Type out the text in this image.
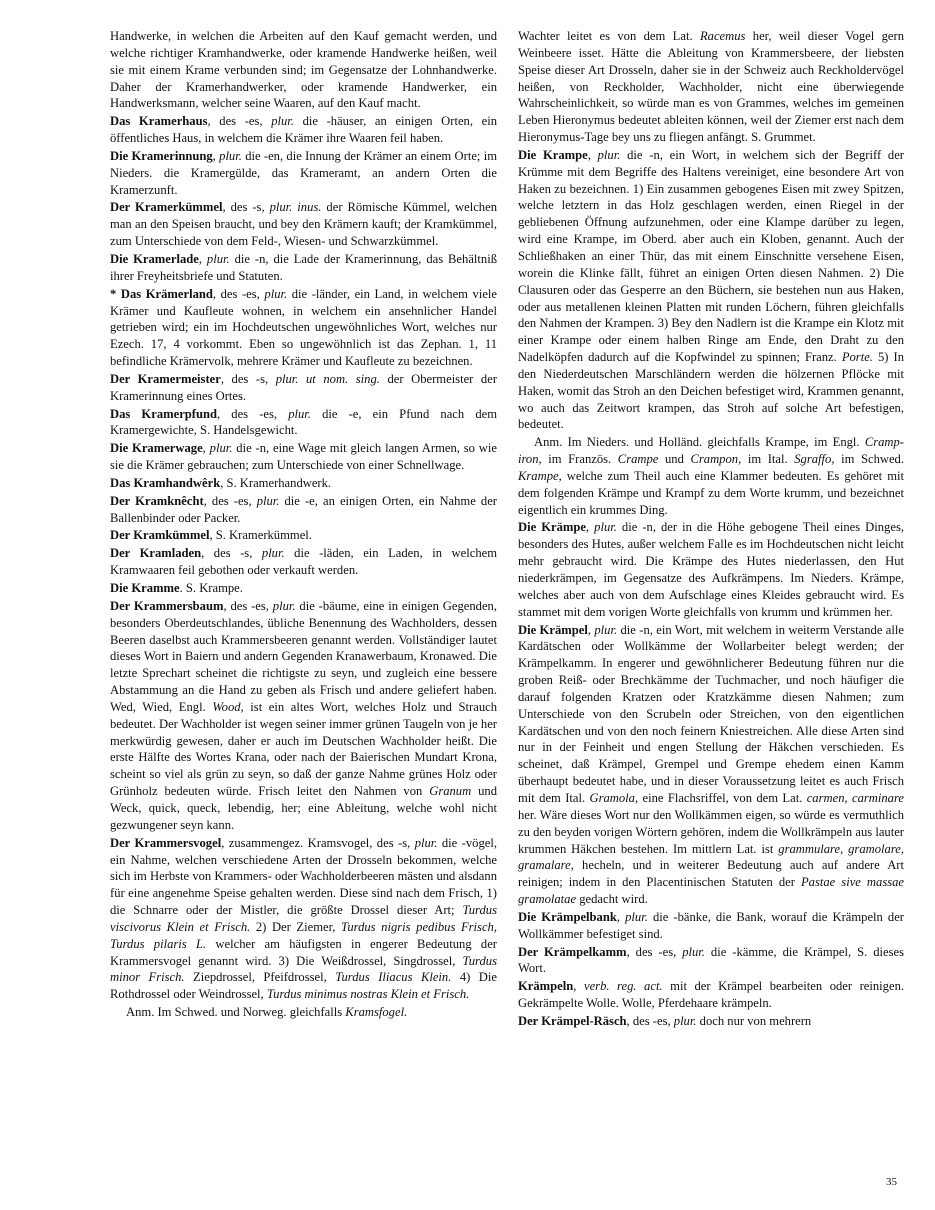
Handwerke, in welchen die Arbeiten auf den Kauf gemacht werden, und welche richtiger Kramhandwerke, oder kramende Handwerke heißen, weil sie mit einem Krame verbunden sind; im Gegensatze der Lohnhandwerke. Daher der Kramerhandwerker, oder kramende Handwerker, ein Handwerksmann, welcher seine Waaren, auf den Kauf macht.

Das Kramerhaus, des -es, plur. die -häuser, an einigen Orten, ein öffentliches Haus, in welchem die Krämer ihre Waaren feil haben.

Die Kramerinnung, plur. die -en, die Innung der Krämer an einem Orte; im Nieders. die Kramergülde, das Krameramt, an andern Orten die Kramerzunft.

Der Kramerkümmel, des -s, plur. inus. der Römische Kümmel, welchen man an den Speisen braucht, und bey den Krämern kauft; der Kramkümmel, zum Unterschiede von dem Feld-, Wiesen- und Schwarzkümmel.

Die Kramerlade, plur. die -n, die Lade der Kramerinnung, das Behältniß ihrer Freyheitsbriefe und Statuten.

* Das Krämerland, des -es, plur. die -länder, ein Land, in welchem viele Krämer und Kaufleute wohnen, in welchem ein ansehnlicher Handel getrieben wird; ein im Hochdeutschen ungewöhnliches Wort, welches nur Ezech. 17, 4 vorkommt. Eben so ungewöhnlich ist das Zephan. 1, 11 befindliche Krämervolk, mehrere Krämer und Kaufleute zu bezeichnen.

Der Kramermeister, des -s, plur. ut nom. sing. der Obermeister der Kramerinnung eines Ortes.

Das Kramerpfund, des -es, plur. die -e, ein Pfund nach dem Kramergewichte, S. Handelsgewicht.

Die Kramerwage, plur. die -n, eine Wage mit gleich langen Armen, so wie sie die Krämer gebrauchen; zum Unterschiede von einer Schnellwage.

Das Kramhandwêrk, S. Kramerhandwerk.

Der Kramknêcht, des -es, plur. die -e, an einigen Orten, ein Nahme der Ballenbinder oder Packer.

Der Kramkümmel, S. Kramerkümmel.

Der Kramladen, des -s, plur. die -läden, ein Laden, in welchem Kramwaaren feil gebothen oder verkauft werden.

Die Kramme. S. Krampe.

Der Krammersbaum, des -es, plur. die -bäume, eine in einigen Gegenden, besonders Oberdeutschlandes, übliche Benennung des Wachholders, dessen Beeren daselbst auch Krammersbeeren genannt werden. Vollständiger lautet dieses Wort in Baiern und andern Gegenden Kranawerbaum, Kronawed. Die letzte Sprechart scheinet die richtigste zu seyn, und zugleich eine bessere Abstammung an die Hand zu geben als Frisch und andere geliefert haben. Wed, Wied, Engl. Wood, ist ein altes Wort, welches Holz und Strauch bedeutet. Der Wachholder ist wegen seiner immer grünen Taugeln von je her merkwürdig gewesen, daher er auch im Deutschen Wachholder heißt. Die erste Hälfte des Wortes Krana, oder nach der Baierischen Mundart Krona, scheint so viel als grün zu seyn, so daß der ganze Nahme grünes Holz oder Grünholz bedeuten würde. Frisch leitet den Nahmen von Granum und Weck, quick, queck, lebendig, her; eine Ableitung, welche wohl nicht gezwungener seyn kann.

Der Krammersvogel, zusammengez. Kramsvogel, des -s, plur. die -vögel, ein Nahme, welchen verschiedene Arten der Drosseln bekommen, welche sich im Herbste von Krammers- oder Wachholderbeeren mästen und alsdann für eine angenehme Speise gehalten werden. Diese sind nach dem Frisch, 1) die Schnarre oder der Mistler, die größte Drossel dieser Art; Turdus viscivorus Klein et Frisch. 2) Der Ziemer, Turdus nigris pedibus Frisch, Turdus pilaris L. welcher am häufigsten in engerer Bedeutung der Krammersvogel genannt wird. 3) Die Weißdrossel, Singdrossel, Turdus minor Frisch. Ziepdrossel, Pfeifdrossel, Turdus Iliacus Klein. 4) Die Rothdrossel oder Weindrossel, Turdus minimus nostras Klein et Frisch.

Anm. Im Schwed. und Norweg. gleichfalls Kramsfogel.

Wachter leitet es von dem Lat. Racemus her, weil dieser Vogel gern Weinbeere isset. Hätte die Ableitung von Krammersbeere, der liebsten Speise dieser Art Drosseln, daher sie in der Schweiz auch Reckholdervögel heißen, von Reckholder, Wachholder, nicht eine überwiegende Wahrscheinlichkeit, so würde man es von Grammes, welches im gemeinen Leben Hieronymus bedeutet ableiten können, weil der Ziemer erst nach dem Hieronymus-Tage bey uns zu fliegen anfängt. S. Grummet.

Die Krampe, plur. die -n, ein Wort, in welchem sich der Begriff der Krümme mit dem Begriffe des Haltens vereiniget, eine besondere Art von Haken zu bezeichnen. 1) Ein zusammen gebogenes Eisen mit zwey Spitzen, welche letztern in das Holz geschlagen werden, einen Riegel in der gebliebenen Öffnung aufzunehmen, oder eine Klampe darüber zu legen, wird eine Krampe, im Oberd. aber auch ein Kloben, genannt. Auch der Schließhaken an einer Thür, das mit einem Einschnitte versehene Eisen, worein die Klinke fällt, führet an einigen Orten diesen Nahmen. 2) Die Clausuren oder das Gesperre an den Büchern, sie bestehen nun aus Haken, oder aus metallenen kleinen Platten mit runden Löchern, führen gleichfalls den Nahmen der Krampen. 3) Bey den Nadlern ist die Krampe ein Klotz mit einer Krampe oder einem halben Ringe am Ende, den Draht zu den Nadelköpfen dadurch auf die Kopfwindel zu spinnen; Franz. Porte. 5) In den Niederdeutschen Marschländern werden die hölzernen Pflöcke mit Haken, womit das Stroh an den Deichen befestiget wird, Krammen genannt, wo auch das Zeitwort krampen, das Stroh auf solche Art befestigen, bedeutet.

Anm. Im Nieders. und Holländ. gleichfalls Krampe, im Engl. Cramp-iron, im Französ. Crampe und Crampon, im Ital. Sgraffo, im Schwed. Krampe, welche zum Theil auch eine Klammer bedeuten. Es gehöret mit dem folgenden Krämpe und Krampf zu dem Worte krumm, und bezeichnet eigentlich ein krummes Ding.

Die Krämpe, plur. die -n, der in die Höhe gebogene Theil eines Dinges, besonders des Hutes, außer welchem Falle es im Hochdeutschen nicht leicht mehr gebraucht wird. Die Krämpe des Hutes niederlassen, den Hut niederkrämpen, im Gegensatze des Aufkrämpens. Im Nieders. Krämpe, welches aber auch von dem Aufschlage eines Kleides gebraucht wird. Es stammet mit dem vorigen Worte gleichfalls von krumm und krümmen her.

Die Krämpel, plur. die -n, ein Wort, mit welchem in weiterm Verstande alle Kardätschen oder Wollkämme der Wollarbeiter belegt werden; der Krämpelkamm. In engerer und gewöhnlicherer Bedeutung führen nur die groben Reiß- oder Brechkämme der Tuchmacher, und noch häufiger die darauf folgenden Kratzen oder Kratzkämme diesen Nahmen; zum Unterschiede von den Scrubeln oder Streichen, von den eigentlichen Kardätschen und von den noch feinern Kniestreichen. Alle diese Arten sind nur in der Feinheit und engen Stellung der Häkchen verschieden. Es scheinet, daß Krämpel, Grempel und Grempe ehedem einen Kamm überhaupt bedeutet habe, und in dieser Voraussetzung leitet es auch Frisch mit dem Ital. Gramola, eine Flachsriffel, von dem Lat. carmen, carminare her. Wäre dieses Wort nur den Wollkämmen eigen, so würde es vermuthlich zu den beyden vorigen Wörtern gehören, indem die Wollkrämpeln aus lauter krummen Häkchen bestehen. Im mittlern Lat. ist grammulare, gramolare, gramalare, hecheln, und in weiterer Bedeutung auch auf andere Art reinigen; indem in den Placentinischen Statuten der Pastae sive massae gramolatae gedacht wird.

Die Krämpelbank, plur. die -bänke, die Bank, worauf die Krämpeln der Wollkämmer befestiget sind.

Der Krämpelkamm, des -es, plur. die -kämme, die Krämpel, S. dieses Wort.

Krämpeln, verb. reg. act. mit der Krämpel bearbeiten oder reinigen. Gekrämpelte Wolle. Wolle, Pferdehaare krämpeln.

Der Krämpel-Räsch, des -es, plur. doch nur von mehrern

35
